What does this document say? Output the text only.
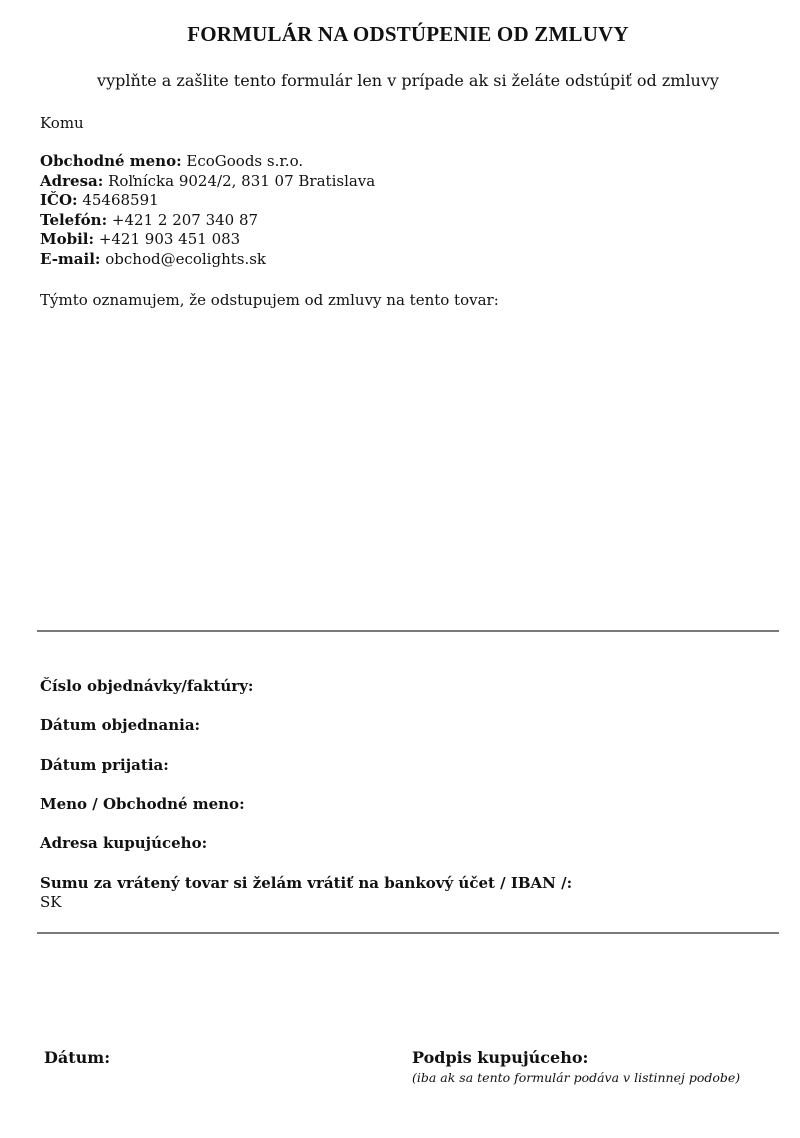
FORMULÁR NA ODSTÚPENIE OD ZMLUVY
vyplňte a zašlite tento formulár len v prípade ak si želáte odstúpiť od zmluvy
Komu
Obchodné meno: EcoGoods s.r.o.
Adresa: Roľnícka 9024/2, 831 07 Bratislava
IČO: 45468591
Telefón: +421 2 207 340 87
Mobil: +421 903 451 083
E-mail: obchod@ecolights.sk
Týmto oznamujem, že odstupujem od zmluvy na tento tovar:
Číslo objednávky/faktúry:
Dátum objednania:
Dátum prijatia:
Meno / Obchodné meno:
Adresa kupujúceho:
Sumu za vrátený tovar si želám vrátiť na bankový účet / IBAN /:
SK
Dátum:	Podpis kupujúceho:
(iba ak sa tento formulár podáva v listinnej podobe)
